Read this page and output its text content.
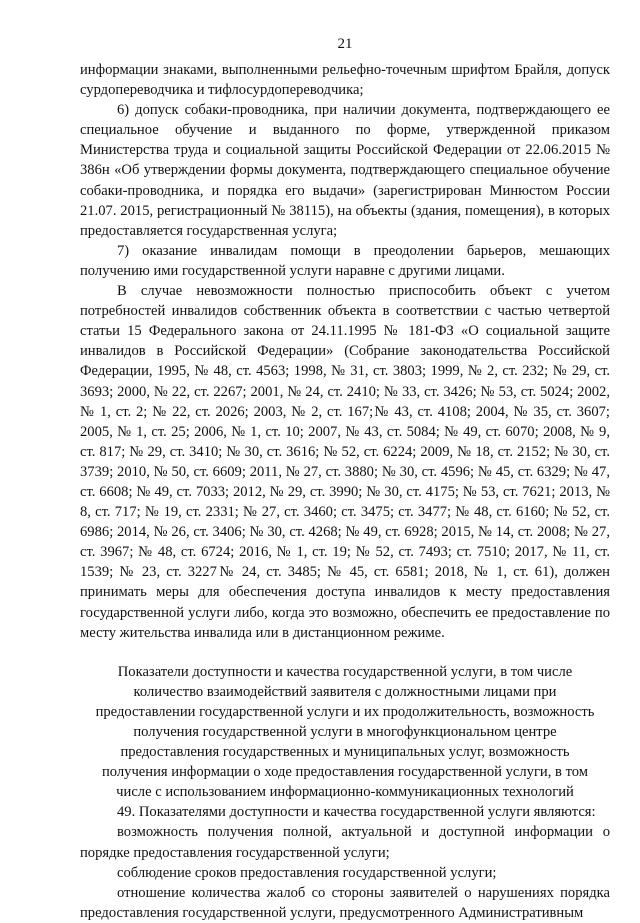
21

информации знаками, выполненными рельефно-точечным шрифтом Брайля, допуск сурдопереводчика и тифлосурдопереводчика;

6) допуск собаки-проводника, при наличии документа, подтверждающего ее специальное обучение и выданного по форме, утвержденной приказом Министерства труда и социальной защиты Российской Федерации от 22.06.2015 № 386н «Об утверждении формы документа, подтверждающего специальное обучение собаки-проводника, и порядка его выдачи» (зарегистрирован Минюстом России 21.07. 2015, регистрационный № 38115), на объекты (здания, помещения), в которых предоставляется государственная услуга;

7) оказание инвалидам помощи в преодолении барьеров, мешающих получению ими государственной услуги наравне с другими лицами.

В случае невозможности полностью приспособить объект с учетом потребностей инвалидов собственник объекта в соответствии с частью четвертой статьи 15 Федерального закона от 24.11.1995 № 181-ФЗ «О социальной защите инвалидов в Российской Федерации» (Собрание законодательства Российской Федерации, 1995, № 48, ст. 4563; 1998, № 31, ст. 3803; 1999, № 2, ст. 232; № 29, ст. 3693; 2000, № 22, ст. 2267; 2001, № 24, ст. 2410; № 33, ст. 3426; № 53, ст. 5024; 2002, № 1, ст. 2; № 22, ст. 2026; 2003, № 2, ст. 167;№ 43, ст. 4108; 2004, № 35, ст. 3607; 2005, № 1, ст. 25; 2006, № 1, ст. 10; 2007, № 43, ст. 5084; № 49, ст. 6070; 2008, № 9, ст. 817; № 29, ст. 3410; № 30, ст. 3616; № 52, ст. 6224; 2009, № 18, ст. 2152; № 30, ст. 3739; 2010, № 50, ст. 6609; 2011, № 27, ст. 3880; № 30, ст. 4596; № 45, ст. 6329; № 47, ст. 6608; № 49, ст. 7033; 2012, № 29, ст. 3990; № 30, ст. 4175; № 53, ст. 7621; 2013, № 8, ст. 717; № 19, ст. 2331; № 27, ст. 3460; ст. 3475; ст. 3477; № 48, ст. 6160; № 52, ст. 6986; 2014, № 26, ст. 3406; № 30, ст. 4268; № 49, ст. 6928; 2015, № 14, ст. 2008; № 27, ст. 3967; № 48, ст. 6724; 2016, № 1, ст. 19; № 52, ст. 7493; ст. 7510; 2017, № 11, ст. 1539; № 23, ст. 3227№ 24, ст. 3485; № 45, ст. 6581; 2018, № 1, ст. 61), должен принимать меры для обеспечения доступа инвалидов к месту предоставления государственной услуги либо, когда это возможно, обеспечить ее предоставление по месту жительства инвалида или в дистанционном режиме.

Показатели доступности и качества государственной услуги, в том числе
количество взаимодействий заявителя с должностными лицами при
предоставлении государственной услуги и их продолжительность, возможность
получения государственной услуги в многофункциональном центре
предоставления государственных и муниципальных услуг, возможность
получения информации о ходе предоставления государственной услуги, в том
числе с использованием информационно-коммуникационных технологий

49. Показателями доступности и качества государственной услуги являются:

возможность получения полной, актуальной и доступной информации о порядке предоставления государственной услуги;

соблюдение сроков предоставления государственной услуги;

отношение количества жалоб со стороны заявителей о нарушениях порядка предоставления государственной услуги, предусмотренного Административным
